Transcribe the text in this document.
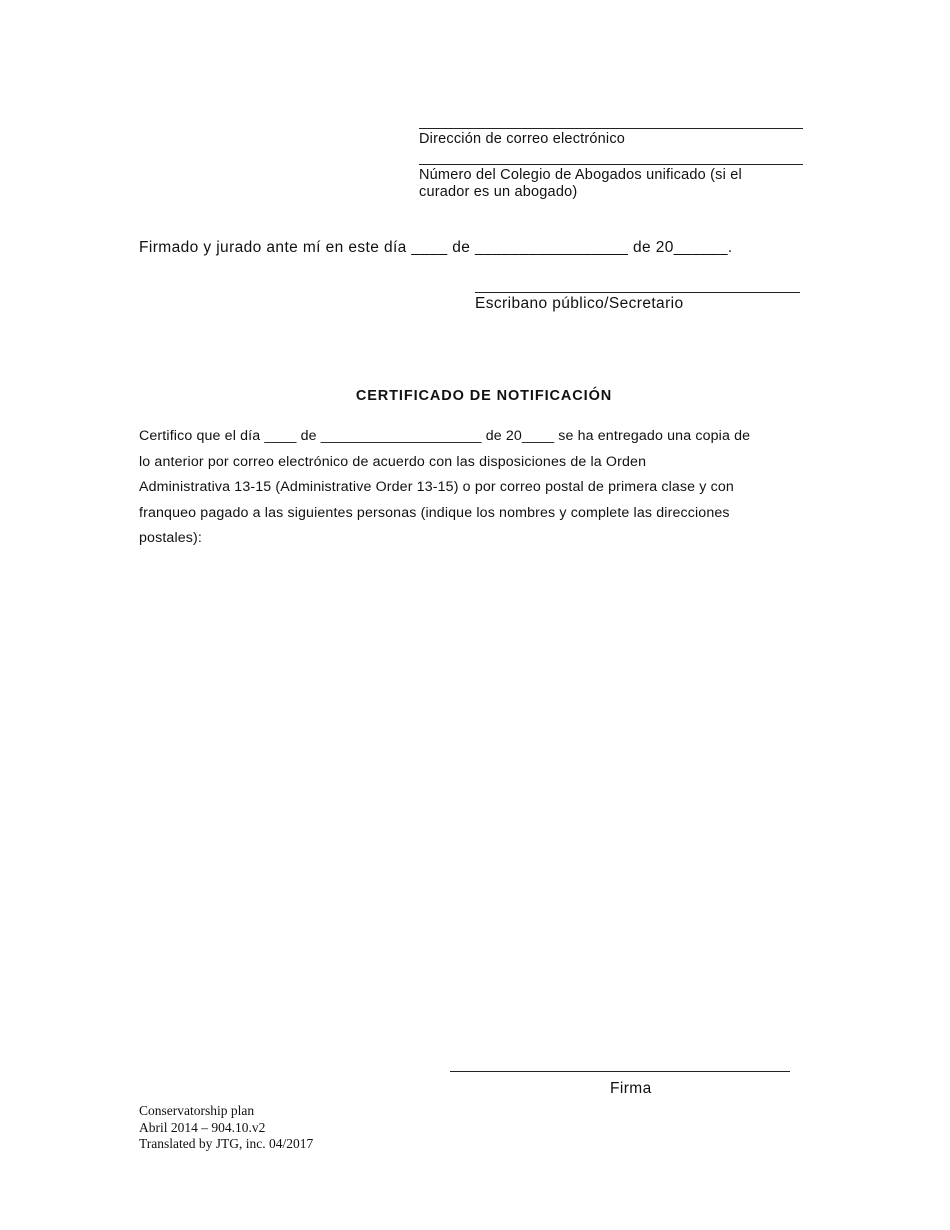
Dirección de correo electrónico
Número del Colegio de Abogados unificado (si el
curador es un abogado)
Firmado y jurado ante mí en este día ____ de _________________ de 20______.
Escribano público/Secretario
CERTIFICADO DE NOTIFICACIÓN

Certifico que el día ____ de ____________________ de 20____ se ha entregado una copia de

lo anterior por correo electrónico de acuerdo con las disposiciones de la Orden

Administrativa 13-15 (Administrative Order 13-15) o por correo postal de primera clase y con

franqueo pagado a las siguientes personas (indique los nombres y complete las direcciones

postales):

Firma
Conservatorship plan
Abril 2014 – 904.10.v2
Translated by JTG, inc. 04/2017
